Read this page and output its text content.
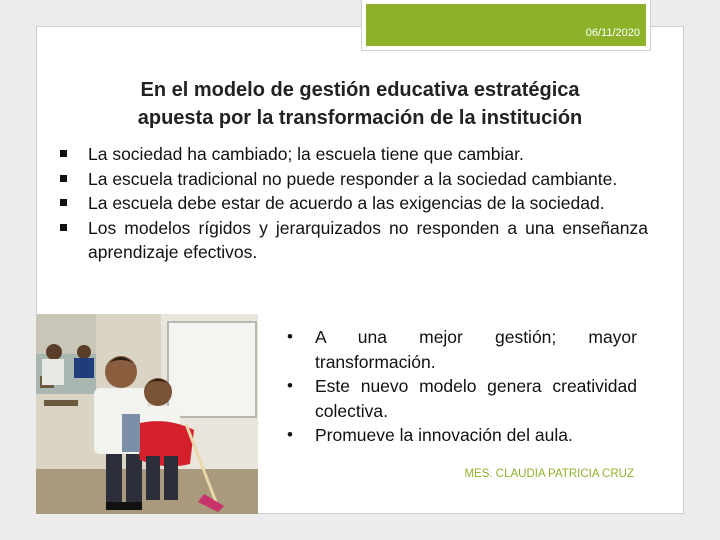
06/11/2020
En el modelo de gestión educativa estratégica
apuesta por la transformación de la institución
La sociedad ha cambiado; la escuela tiene que cambiar.
La escuela tradicional no puede responder a la sociedad cambiante.
La escuela debe estar de acuerdo a las exigencias de la sociedad.
Los modelos rígidos y jerarquizados no responden a una enseñanza aprendizaje efectivos.
• A una mejor gestión; mayor transformación.
• Este nuevo modelo genera creatividad colectiva.
• Promueve la innovación del aula.
MES. CLAUDIA PATRICIA CRUZ
